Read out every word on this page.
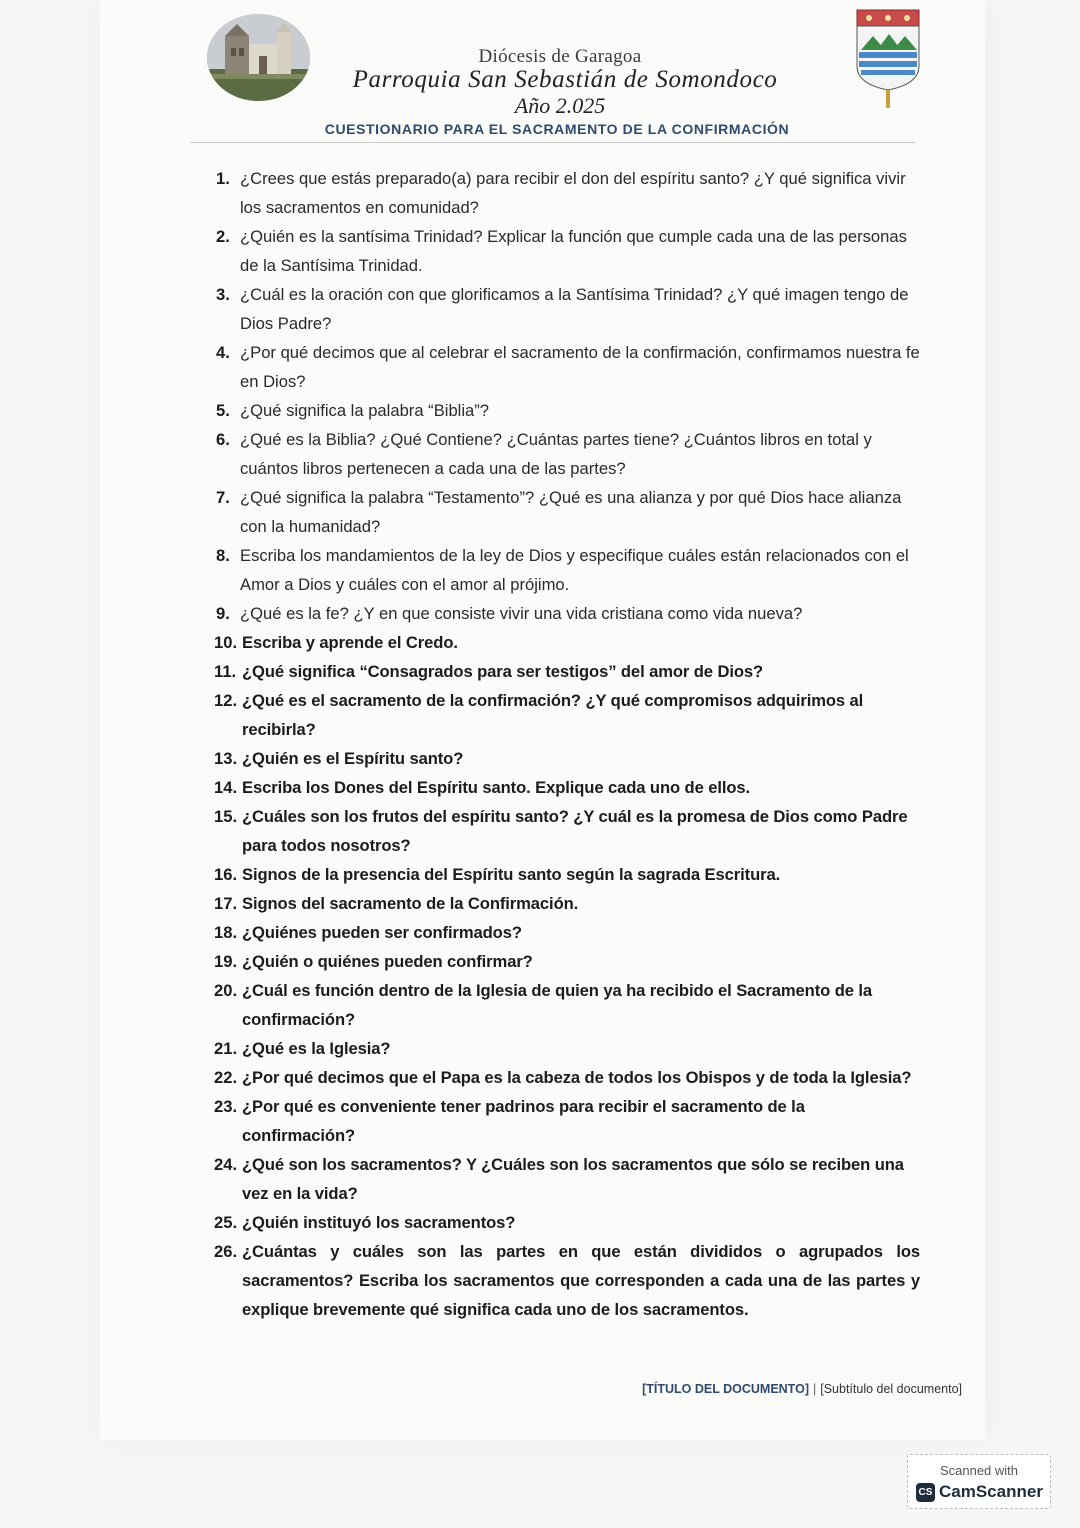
Diócesis de Garagoa
Parroquia San Sebastián de Somondoco
Año 2.025
CUESTIONARIO PARA EL SACRAMENTO DE LA CONFIRMACIÓN
1. ¿Crees que estás preparado(a) para recibir el don del espíritu santo? ¿Y qué significa vivir los sacramentos en comunidad?
2. ¿Quién es la santísima Trinidad? Explicar la función que cumple cada una de las personas de la Santísima Trinidad.
3. ¿Cuál es la oración con que glorificamos a la Santísima Trinidad? ¿Y qué imagen tengo de Dios Padre?
4. ¿Por qué decimos que al celebrar el sacramento de la confirmación, confirmamos nuestra fe en Dios?
5. ¿Qué significa la palabra “Biblia”?
6. ¿Qué es la Biblia? ¿Qué Contiene? ¿Cuántas partes tiene? ¿Cuántos libros en total y cuántos libros pertenecen a cada una de las partes?
7. ¿Qué significa la palabra “Testamento”? ¿Qué es una alianza y por qué Dios hace alianza con la humanidad?
8. Escriba los mandamientos de la ley de Dios y especifique cuáles están relacionados con el Amor a Dios y cuáles con el amor al prójimo.
9. ¿Qué es la fe? ¿Y en que consiste vivir una vida cristiana como vida nueva?
10. Escriba y aprende el Credo.
11. ¿Qué significa “Consagrados para ser testigos” del amor de Dios?
12. ¿Qué es el sacramento de la confirmación? ¿Y qué compromisos adquirimos al recibirla?
13. ¿Quién es el Espíritu santo?
14. Escriba los Dones del Espíritu santo. Explique cada uno de ellos.
15. ¿Cuáles son los frutos del espíritu santo? ¿Y cuál es la promesa de Dios como Padre para todos nosotros?
16. Signos de la presencia del Espíritu santo según la sagrada Escritura.
17. Signos del sacramento de la Confirmación.
18. ¿Quiénes pueden ser confirmados?
19. ¿Quién o quiénes pueden confirmar?
20. ¿Cuál es función dentro de la Iglesia de quien ya ha recibido el Sacramento de la confirmación?
21. ¿Qué es la Iglesia?
22. ¿Por qué decimos que el Papa es la cabeza de todos los Obispos y de toda la Iglesia?
23. ¿Por qué es conveniente tener padrinos para recibir el sacramento de la confirmación?
24. ¿Qué son los sacramentos? Y ¿Cuáles son los sacramentos que sólo se reciben una vez en la vida?
25. ¿Quién instituyó los sacramentos?
26. ¿Cuántas y cuáles son las partes en que están divididos o agrupados los sacramentos? Escriba los sacramentos que corresponden a cada una de las partes y explique brevemente qué significa cada uno de los sacramentos.
[TÍTULO DEL DOCUMENTO] | [Subtítulo del documento]
Scanned with
CS CamScanner
